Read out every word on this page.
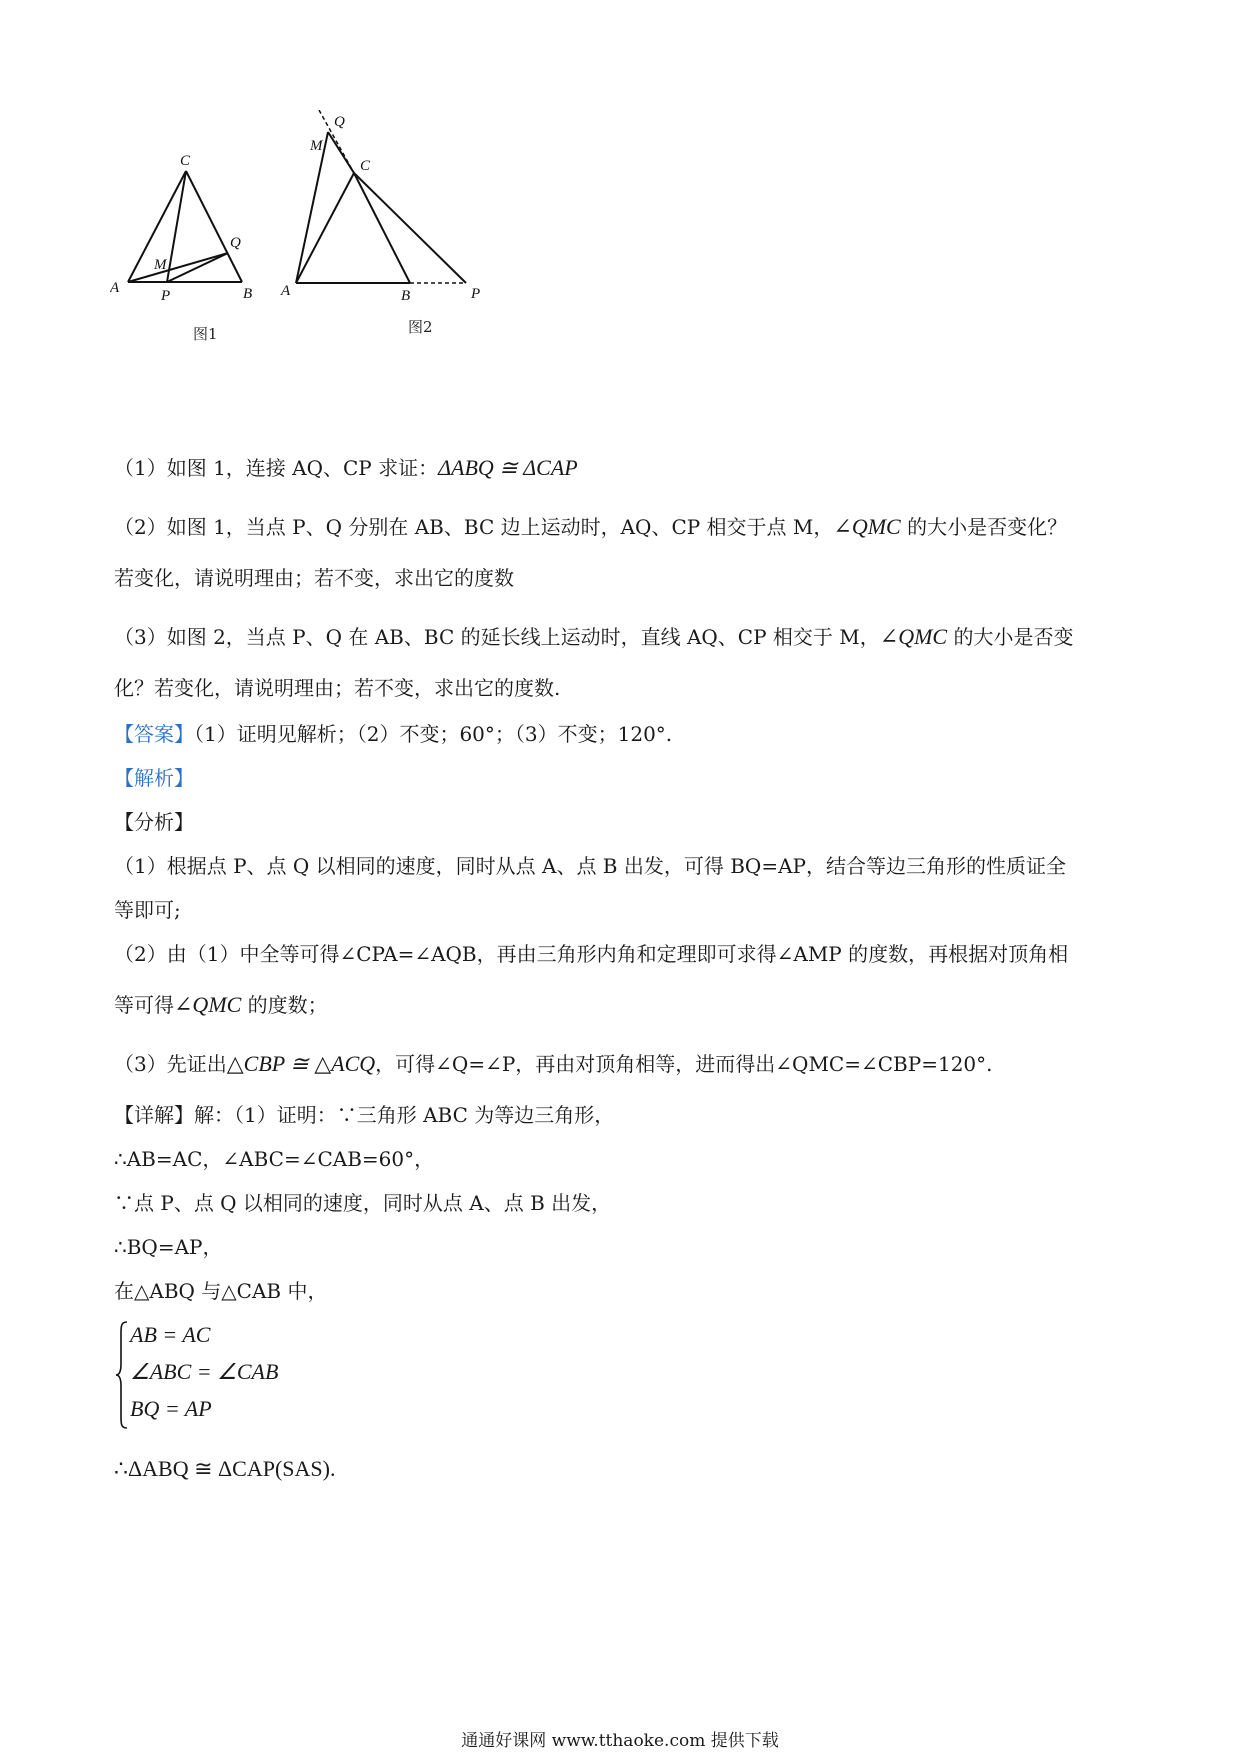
A	B
C
P
Q
M
A	B
C
P
Q
M
图1	图2
（1）如图 1，连接 AQ、CP 求证：ΔABQ ≅ ΔCAP
（2）如图 1，当点 P、Q 分别在 AB、BC 边上运动时，AQ、CP 相交于点 M，∠QMC 的大小是否变化？
若变化，请说明理由；若不变，求出它的度数
（3）如图 2，当点 P、Q 在 AB、BC 的延长线上运动时，直线 AQ、CP 相交于 M，∠QMC 的大小是否变
化？若变化，请说明理由；若不变，求出它的度数.
【答案】（1）证明见解析；（2）不变；60°；（3）不变；120°.
【解析】
【分析】
（1）根据点 P、点 Q 以相同的速度，同时从点 A、点 B 出发，可得 BQ=AP，结合等边三角形的性质证全
等即可;
（2）由（1）中全等可得∠CPA=∠AQB，再由三角形内角和定理即可求得∠AMP 的度数，再根据对顶角相
等可得∠QMC 的度数；
（3）先证出△CBP ≅ △ACQ，可得∠Q=∠P，再由对顶角相等，进而得出∠QMC=∠CBP=120°.
【详解】解：（1）证明：∵三角形 ABC 为等边三角形，
∴AB=AC，∠ABC=∠CAB=60°，
∵点 P、点 Q 以相同的速度，同时从点 A、点 B 出发，
∴BQ=AP，
在△ABQ 与△CAB 中，
AB = AC
∠ABC = ∠CAB
BQ = AP
∴ΔABQ ≅ ΔCAP(SAS).
通通好课网 www.tthaoke.com 提供下载
